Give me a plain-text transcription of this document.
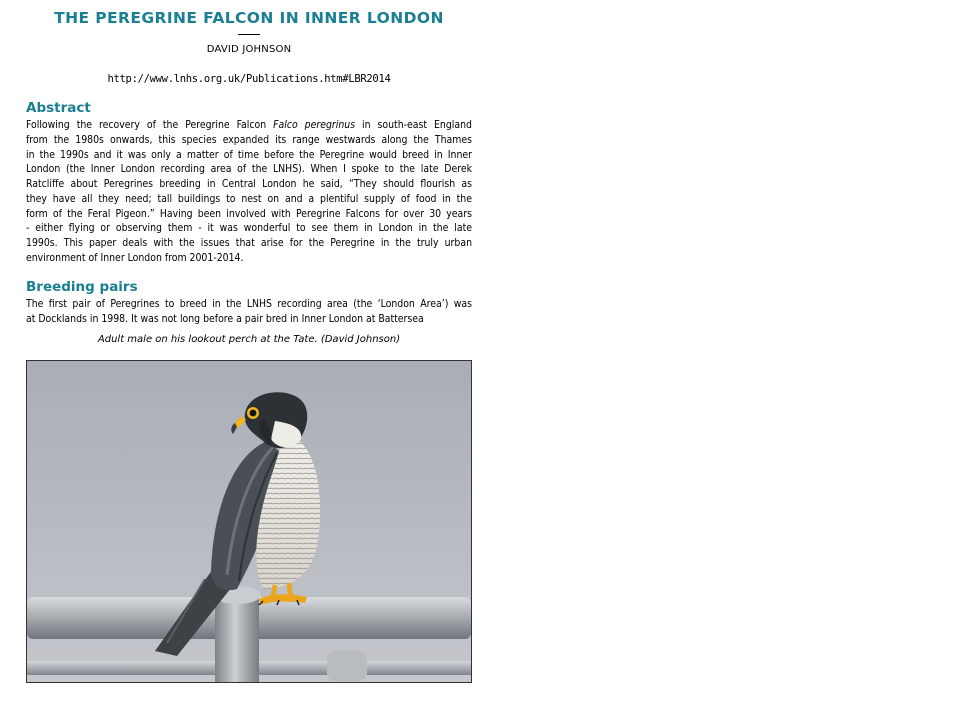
THE PEREGRINE FALCON IN INNER LONDON
DAVID JOHNSON
http://www.lnhs.org.uk/Publications.htm#LBR2014
Abstract
Following the recovery of the Peregrine Falcon Falco peregrinus in south-east England
from the 1980s onwards, this species expanded its range westwards along the Thames
in the 1990s and it was only a matter of time before the Peregrine would breed in Inner
London (the Inner London recording area of the LNHS). When I spoke to the late Derek
Ratcliffe about Peregrines breeding in Central London he said, “They should flourish as
they have all they need; tall buildings to nest on and a plentiful supply of food in the
form of the Feral Pigeon.” Having been involved with Peregrine Falcons for over 30 years
- either flying or observing them - it was wonderful to see them in London in the late
1990s. This paper deals with the issues that arise for the Peregrine in the truly urban
environment of Inner London from 2001-2014.
Breeding pairs
The first pair of Peregrines to breed in the LNHS recording area (the ‘London Area’) was
at Docklands in 1998. It was not long before a pair bred in Inner London at Battersea
Adult male on his lookout perch at the Tate. (David Johnson)
